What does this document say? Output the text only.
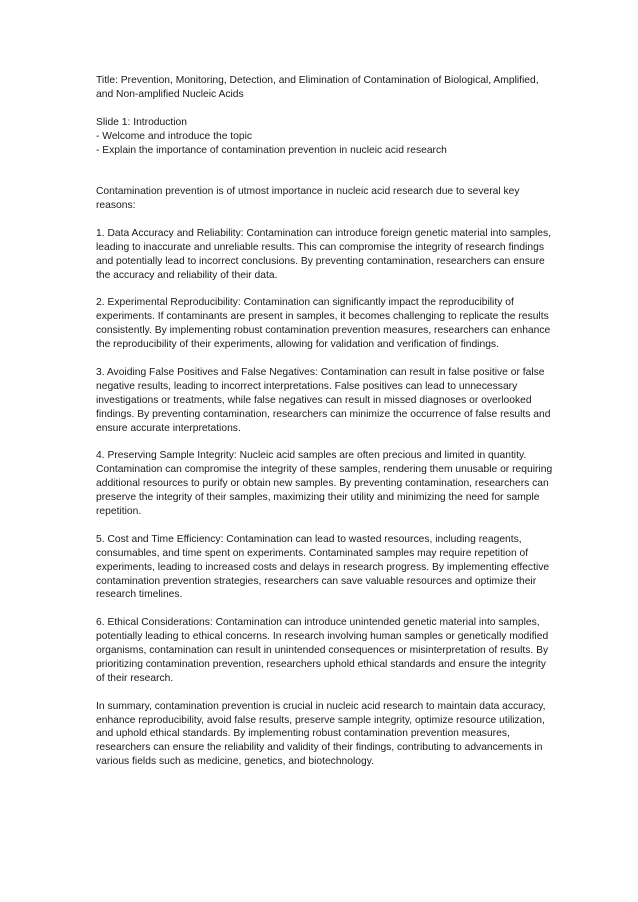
Title: Prevention, Monitoring, Detection, and Elimination of Contamination of Biological, Amplified, and Non-amplified Nucleic Acids

Slide 1: Introduction
- Welcome and introduce the topic
- Explain the importance of contamination prevention in nucleic acid research

Contamination prevention is of utmost importance in nucleic acid research due to several key reasons:

1. Data Accuracy and Reliability: Contamination can introduce foreign genetic material into samples, leading to inaccurate and unreliable results. This can compromise the integrity of research findings and potentially lead to incorrect conclusions. By preventing contamination, researchers can ensure the accuracy and reliability of their data.

2. Experimental Reproducibility: Contamination can significantly impact the reproducibility of experiments. If contaminants are present in samples, it becomes challenging to replicate the results consistently. By implementing robust contamination prevention measures, researchers can enhance the reproducibility of their experiments, allowing for validation and verification of findings.

3. Avoiding False Positives and False Negatives: Contamination can result in false positive or false negative results, leading to incorrect interpretations. False positives can lead to unnecessary investigations or treatments, while false negatives can result in missed diagnoses or overlooked findings. By preventing contamination, researchers can minimize the occurrence of false results and ensure accurate interpretations.

4. Preserving Sample Integrity: Nucleic acid samples are often precious and limited in quantity. Contamination can compromise the integrity of these samples, rendering them unusable or requiring additional resources to purify or obtain new samples. By preventing contamination, researchers can preserve the integrity of their samples, maximizing their utility and minimizing the need for sample repetition.

5. Cost and Time Efficiency: Contamination can lead to wasted resources, including reagents, consumables, and time spent on experiments. Contaminated samples may require repetition of experiments, leading to increased costs and delays in research progress. By implementing effective contamination prevention strategies, researchers can save valuable resources and optimize their research timelines.

6. Ethical Considerations: Contamination can introduce unintended genetic material into samples, potentially leading to ethical concerns. In research involving human samples or genetically modified organisms, contamination can result in unintended consequences or misinterpretation of results. By prioritizing contamination prevention, researchers uphold ethical standards and ensure the integrity of their research.

In summary, contamination prevention is crucial in nucleic acid research to maintain data accuracy, enhance reproducibility, avoid false results, preserve sample integrity, optimize resource utilization, and uphold ethical standards. By implementing robust contamination prevention measures, researchers can ensure the reliability and validity of their findings, contributing to advancements in various fields such as medicine, genetics, and biotechnology.
